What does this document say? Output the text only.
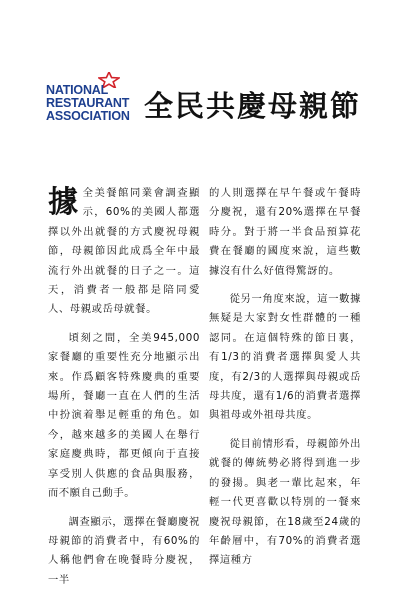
NATIONAL
RESTAURANT
ASSOCIATION 全民共慶母親節

據全美餐館同業會調查顯示，60%的美國人都選擇以外出就餐的方式慶祝母親節，母親節因此成爲全年中最流行外出就餐的日子之一。這天，消費者一般都是陪同愛人、母親或岳母就餐。

頃刻之間，全美945,000家餐廳的重要性充分地顯示出來。作爲顧客特殊慶典的重要場所，餐廳一直在人們的生活中扮演着舉足輕重的角色。如今，越來越多的美國人在舉行家庭慶典時，都更傾向于直接享受別人供應的食品與服務，而不願自己動手。

調查顯示，選擇在餐廳慶祝母親節的消費者中，有60%的人稱他們會在晚餐時分慶祝，一半

的人則選擇在早午餐或午餐時分慶祝，還有20%選擇在早餐時分。對于將一半食品預算花費在餐廳的國度來說，這些數據沒有什么好值得驚訝的。

從另一角度來說，這一數據無疑是大家對女性群體的一種認同。在這個特殊的節日裏，有1/3的消費者選擇與愛人共度，有2/3的人選擇與母親或岳母共度，還有1/6的消費者選擇與祖母或外祖母共度。

從目前情形看，母親節外出就餐的傳統勢必將得到進一步的發揚。與老一輩比起來，年輕一代更喜歡以特別的一餐來慶祝母親節，在18歲至24歲的年齡層中，有70%的消費者選擇這種方
